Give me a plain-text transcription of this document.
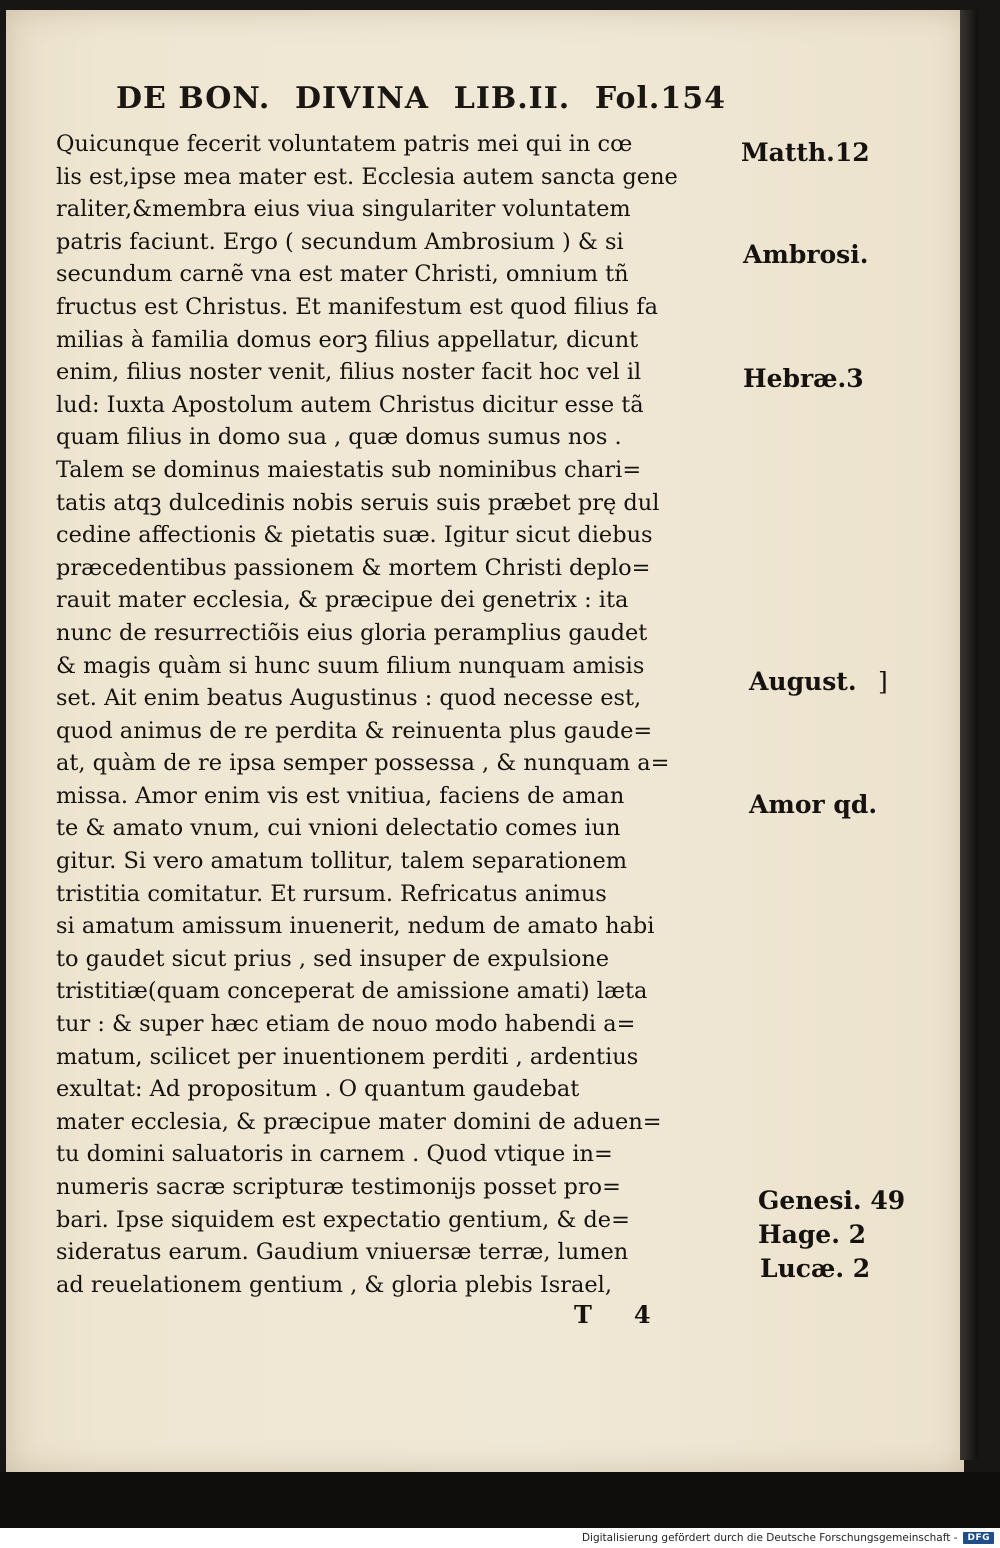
DE BON. DIVINA LIB.II. Fol.154
Quicunque fecerit voluntatem patris mei qui in cœ
lis est,ipse mea mater est. Ecclesia autem sancta gene
raliter,&membra eius viua singulariter voluntatem
patris faciunt. Ergo ( secundum Ambrosium ) & si
secundum carnẽ vna est mater Christi, omnium tñ
fructus est Christus. Et manifestum est quod filius fa
milias à familia domus eorꝫ filius appellatur, dicunt
enim, filius noster venit, filius noster facit hoc vel il
lud: Iuxta Apostolum autem Christus dicitur esse tã
quam filius in domo sua , quæ domus sumus nos .
Talem se dominus maiestatis sub nominibus chari=
tatis atqꝫ dulcedinis nobis seruis suis præbet prę dul
cedine affectionis & pietatis suæ. Igitur sicut diebus
præcedentibus passionem & mortem Christi deplo=
rauit mater ecclesia, & præcipue dei genetrix : ita
nunc de resurrectiõis eius gloria peramplius gaudet
& magis quàm si hunc suum filium nunquam amisis
set. Ait enim beatus Augustinus : quod necesse est,
quod animus de re perdita & reinuenta plus gaude=
at, quàm de re ipsa semper possessa , & nunquam a=
missa. Amor enim vis est vnitiua, faciens de aman
te & amato vnum, cui vnioni delectatio comes iun
gitur. Si vero amatum tollitur, talem separationem
tristitia comitatur. Et rursum. Refricatus animus
si amatum amissum inuenerit, nedum de amato habi
to gaudet sicut prius , sed insuper de expulsione
tristitiæ(quam conceperat de amissione amati) læta
tur : & super hæc etiam de nouo modo habendi a=
matum, scilicet per inuentionem perditi , ardentius
exultat: Ad propositum . O quantum gaudebat
mater ecclesia, & præcipue mater domini de aduen=
tu domini saluatoris in carnem . Quod vtique in=
numeris sacræ scripturæ testimonijs posset pro=
bari. Ipse siquidem est expectatio gentium, & de=
sideratus earum. Gaudium vniuersæ terræ, lumen
ad reuelationem gentium , & gloria plebis Israel,
Matth.12
Ambrosi.
Hebræ.3
August. ]
Amor qd.
Genesi. 49
Hage. 2
Lucæ. 2
T 4
Digitalisierung gefördert durch die Deutsche Forschungsgemeinschaft -	DFG
